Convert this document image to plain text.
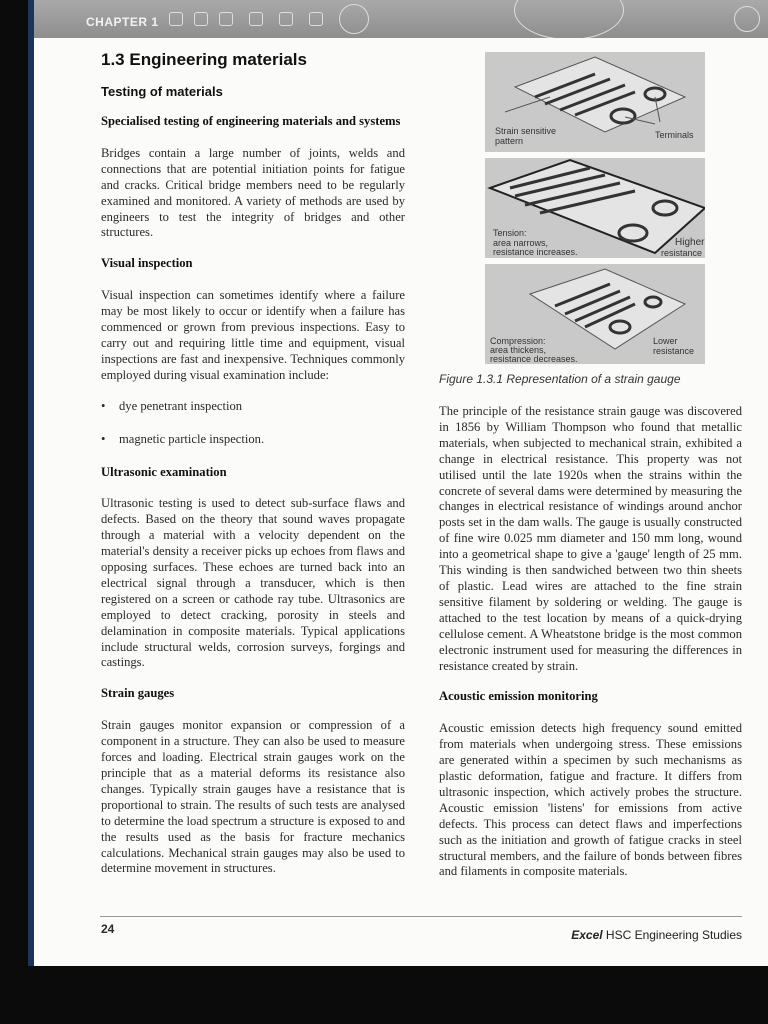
CHAPTER 1
1.3 Engineering materials
Testing of materials
Specialised testing of engineering materials and systems

Bridges contain a large number of joints, welds and connections that are potential initiation points for fatigue and cracks. Critical bridge members need to be regularly examined and monitored. A variety of methods are used by engineers to test the integrity of bridges and other structures.

Visual inspection

Visual inspection can sometimes identify where a failure may be most likely to occur or identify when a failure has commenced or grown from previous inspections. Easy to carry out and requiring little time and equipment, visual inspections are fast and inexpensive. Techniques commonly employed during visual examination include:

• dye penetrant inspection
• magnetic particle inspection.
Ultrasonic examination

Ultrasonic testing is used to detect sub-surface flaws and defects. Based on the theory that sound waves propagate through a material with a velocity dependent on the material's density a receiver picks up echoes from flaws and opposing surfaces. These echoes are turned back into an electrical signal through a transducer, which is then registered on a screen or cathode ray tube. Ultrasonics are employed to detect cracking, porosity in steels and delamination in composite materials. Typical applications include structural welds, corrosion surveys, forgings and castings.

Strain gauges

Strain gauges monitor expansion or compression of a component in a structure. They can also be used to measure forces and loading. Electrical strain gauges work on the principle that as a material deforms its resistance also changes. Typically strain gauges have a resistance that is proportional to strain. The results of such tests are analysed to determine the load spectrum a structure is exposed to and the results used as the basis for fracture mechanics calculations. Mechanical strain gauges may also be used to determine movement in structures.

Strain sensitive pattern
Terminals
Tension:
area narrows,
resistance increases.
Higher
resistance
Compression:
area thickens,
resistance decreases.
Lower
resistance
Figure 1.3.1 Representation of a strain gauge

The principle of the resistance strain gauge was discovered in 1856 by William Thompson who found that metallic materials, when subjected to mechanical strain, exhibited a change in electrical resistance. This property was not utilised until the late 1920s when the strains within the concrete of several dams were determined by measuring the changes in electrical resistance of windings around anchor posts set in the dam walls. The gauge is usually constructed of fine wire 0.025 mm diameter and 150 mm long, wound into a geometrical shape to give a 'gauge' length of 25 mm. This winding is then sandwiched between two thin sheets of plastic. Lead wires are attached to the fine strain sensitive filament by soldering or welding. The gauge is attached to the test location by means of a quick-drying cellulose cement. A Wheatstone bridge is the most common electronic instrument used for measuring the differences in resistance created by strain.

Acoustic emission monitoring

Acoustic emission detects high frequency sound emitted from materials when undergoing stress. These emissions are generated within a specimen by such mechanisms as plastic deformation, fatigue and fracture. It differs from ultrasonic inspection, which actively probes the structure. Acoustic emission 'listens' for emissions from active defects. This process can detect flaws and imperfections such as the initiation and growth of fatigue cracks in steel structural members, and the failure of bonds between fibres and filaments in composite materials.

24	Excel HSC Engineering Studies
